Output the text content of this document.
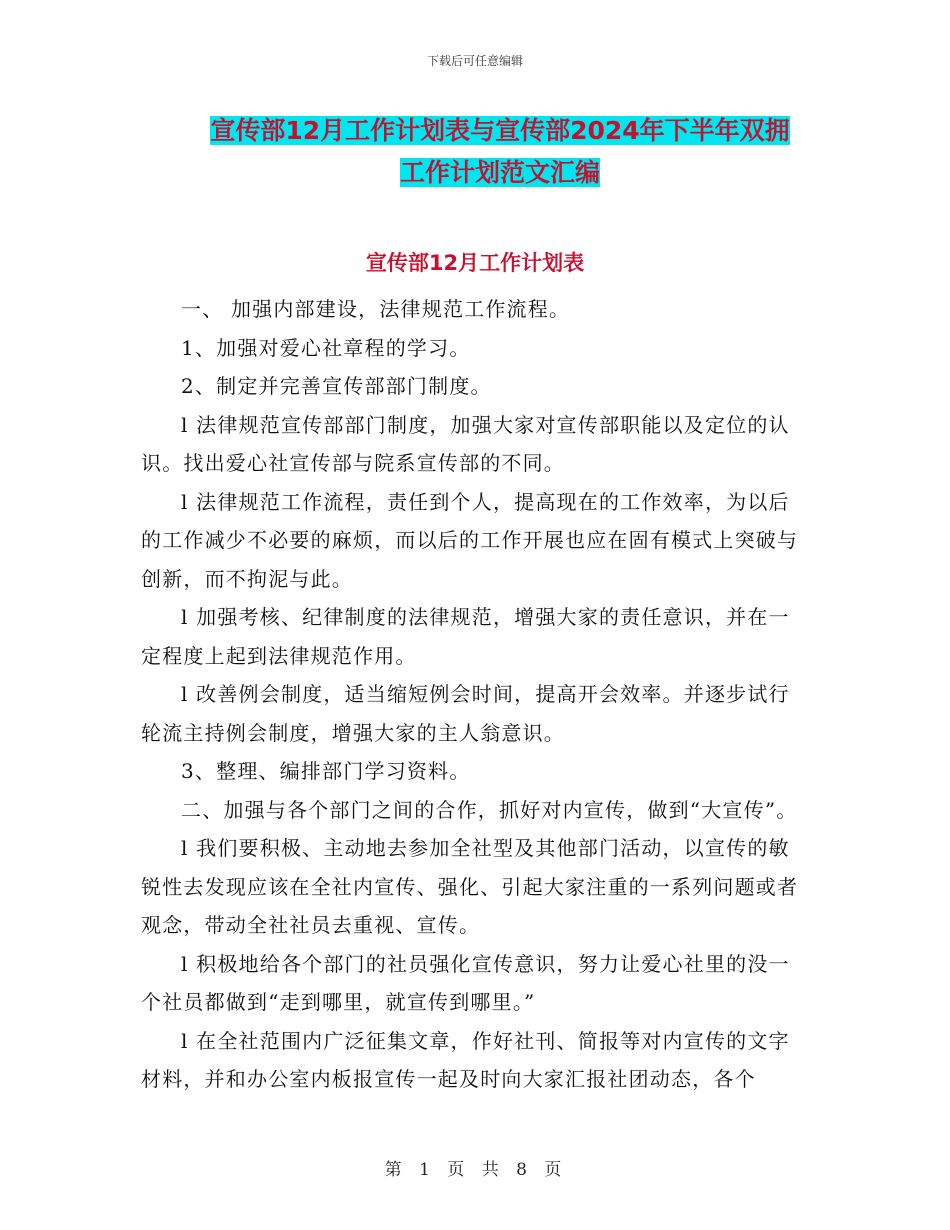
下载后可任意编辑
宣传部12月工作计划表与宣传部2024年下半年双拥
工作计划范文汇编
宣传部12月工作计划表

一、 加强内部建设，法律规范工作流程。

1、加强对爱心社章程的学习。

2、制定并完善宣传部部门制度。

l 法律规范宣传部部门制度，加强大家对宣传部职能以及定位的认识。找出爱心社宣传部与院系宣传部的不同。

l 法律规范工作流程，责任到个人，提高现在的工作效率，为以后的工作减少不必要的麻烦，而以后的工作开展也应在固有模式上突破与创新，而不拘泥与此。

l 加强考核、纪律制度的法律规范，增强大家的责任意识，并在一定程度上起到法律规范作用。

l 改善例会制度，适当缩短例会时间，提高开会效率。并逐步试行轮流主持例会制度，增强大家的主人翁意识。

3、整理、编排部门学习资料。

二、加强与各个部门之间的合作，抓好对内宣传，做到“大宣传”。

l 我们要积极、主动地去参加全社型及其他部门活动，以宣传的敏锐性去发现应该在全社内宣传、强化、引起大家注重的一系列问题或者观念，带动全社社员去重视、宣传。

l 积极地给各个部门的社员强化宣传意识，努力让爱心社里的没一个社员都做到“走到哪里，就宣传到哪里。”

l 在全社范围内广泛征集文章，作好社刊、简报等对内宣传的文字材料，并和办公室内板报宣传一起及时向大家汇报社团动态，各个

第 1 页 共 8 页
